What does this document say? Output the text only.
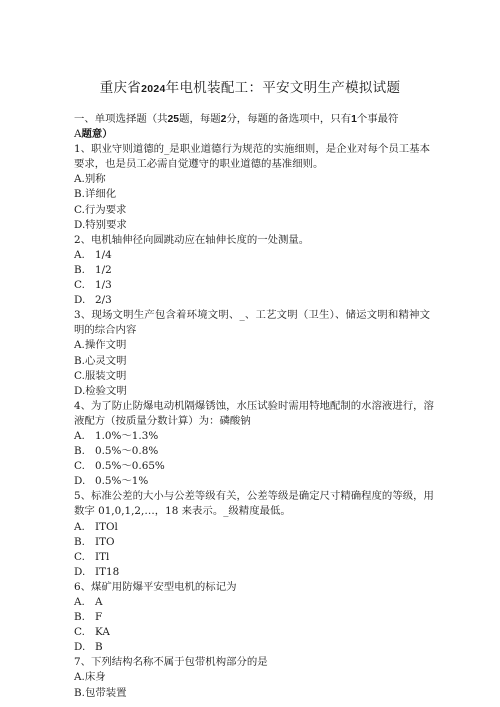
重庆省2024年电机装配工：平安文明生产模拟试题
一、单项选择题（共25题，每题2分，每题的备选项中，只有1个事最符
A题意）
1、职业守则道德的_是职业道德行为规范的实施细则，是企业对每个员工基本
要求，也是员工必需自觉遵守的职业道德的基准细则。
A.别称
B.详细化
C.行为要求
D.特别要求
2、电机轴伸径向圆跳动应在轴伸长度的一处测量。
A. 1/4
B. 1/2
C. 1/3
D. 2/3
3、现场文明生产包含着环境文明、_、工艺文明（卫生）、储运文明和精神文
明的综合内容
A.操作文明
B.心灵文明
C.服装文明
D.检验文明
4、为了防止防爆电动机隔爆锈蚀，水压试验时需用特地配制的水溶液进行，溶
液配方（按质量分数计算）为：磷酸钠
A. 1.0%～1.3%
B. 0.5%～0.8%
C. 0.5%～0.65%
D. 0.5%～1%
5、标准公差的大小与公差等级有关，公差等级是确定尺寸精确程度的等级，用
数字 01,0,1,2,…，18 来表示。_级精度最低。
A. ITOl
B. ITO
C. ITl
D. IT18
6、煤矿用防爆平安型电机的标记为
A. A
B. F
C. KA
D. B
7、下列结构名称不属于包带机构部分的是
A.床身
B.包带装置
